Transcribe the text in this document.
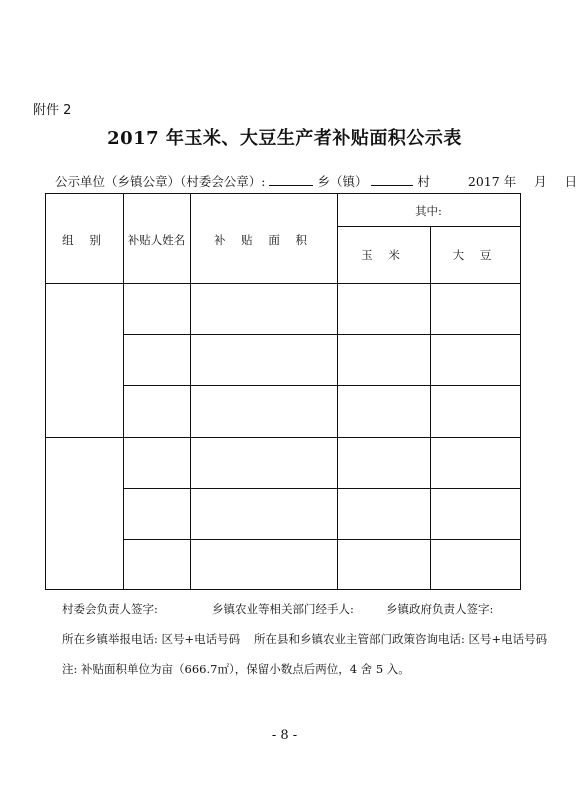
附件 2
2017 年玉米、大豆生产者补贴面积公示表
公示单位（乡镇公章）（村委会公章）:	乡（镇）	村	2017 年 月 日
组 别	补贴人姓名	补 贴 面 积
其中:
玉 米	大 豆
村委会负责人签字:	乡镇农业等相关部门经手人:	乡镇政府负责人签字:
所在乡镇举报电话: 区号+电话号码 所在县和乡镇农业主管部门政策咨询电话: 区号+电话号码
注: 补贴面积单位为亩（666.7㎡），保留小数点后两位，4 舍 5 入。
- 8 -
